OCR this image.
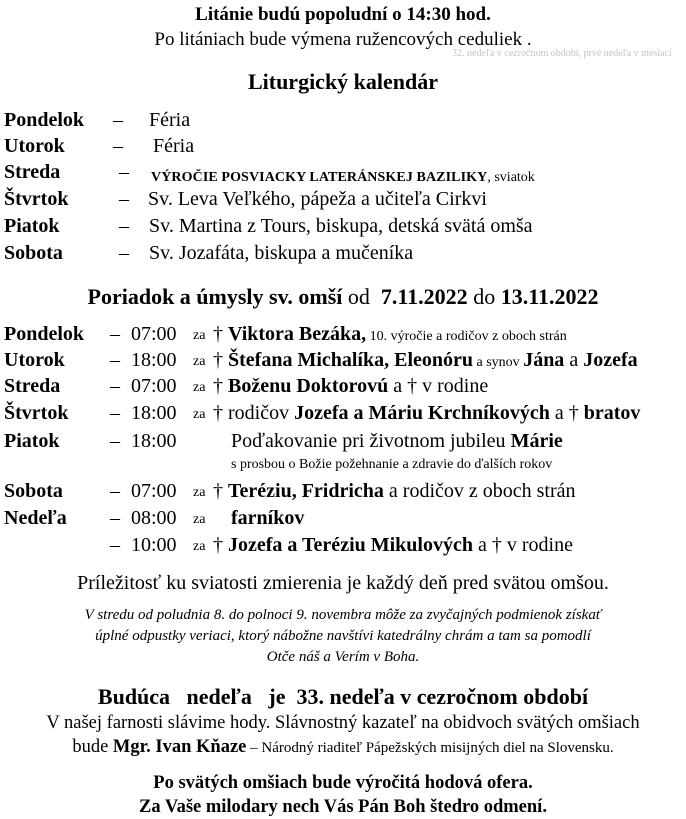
Litánie budú popoludní o 14:30 hod.
Po litániach bude výmena ružencových ceduliek .
32. nedeľa v cezročnom období, prvé nedeľa v mesiaci
Liturgický kalendár
Pondelok – Féria
Utorok – Féria
Streda	– VÝROČIE POSVIACKY LATERÁNSKEJ BAZILIKY, sviatok
Štvrtok	– Sv. Leva Veľkého, pápeža a učiteľa Cirkvi
Piatok	– Sv. Martina z Tours, biskupa, detská svätá omša
Sobota	– Sv. Jozafáta, biskupa a mučeníka
Poriadok a úmysly sv. omší od 7.11.2022 do 13.11.2022
Pondelok – 07:00 za † Viktora Bezáka, 10. výročie a rodičov z oboch strán
Utorok – 18:00 za † Štefana Michalíka, Eleonóru a synov Jána a Jozefa
Streda – 07:00 za † Boženu Doktorovú a † v rodine
Štvrtok – 18:00 za † rodičov Jozefa a Máriu Krchníkových a † bratov
Piatok	– 18:00	Poďakovanie pri životnom jubileu Márie
s prosbou o Božie požehnanie a zdravie do ďalších rokov
Sobota – 07:00 za † Teréziu, Fridricha a rodičov z oboch strán
Nedeľa – 08:00 za farníkov
– 10:00 za † Jozefa a Teréziu Mikulových a † v rodine
Príležitosť ku sviatosti zmierenia je každý deň pred svätou omšou.
V stredu od poludnia 8. do polnoci 9. novembra môže za zvyčajných podmienok získať
úplné odpustky veriaci, ktorý nábožne navštívi katedrálny chrám a tam sa pomodlí
Otče náš a Verím v Boha.
Budúca   nedeľa   je  33. nedeľa v cezročnom období
V našej farnosti slávime hody. Slávnostný kazateľ na obidvoch svätých omšiach
bude Mgr. Ivan Kňaze – Národný riaditeľ Pápežských misijných diel na Slovensku.
Po svätých omšiach bude výročitá hodová ofera.
Za Vaše milodary nech Vás Pán Boh štedro odmení.
